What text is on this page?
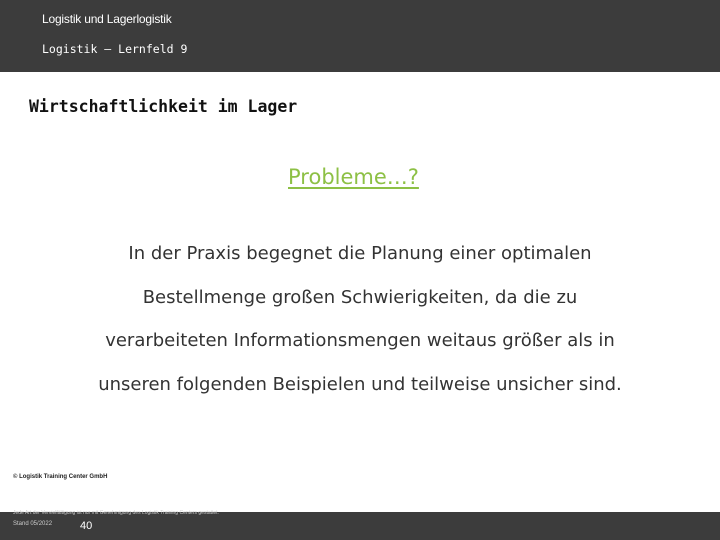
Logistik und Lagerlogistik
Logistik – Lernfeld 9
Wirtschaftlichkeit im Lager
Probleme…?
In der Praxis begegnet die Planung einer optimalen Bestellmenge großen Schwierigkeiten, da die zu verarbeiteten Informationsmengen weitaus größer als in unseren folgenden Beispielen und teilweise unsicher sind.
© Logistik Training Center GmbH
Jede Art der Vervielfältigung ist nur mit Genehmigung des Logistik Training Centers gestattet.
Stand 05/2022	40
